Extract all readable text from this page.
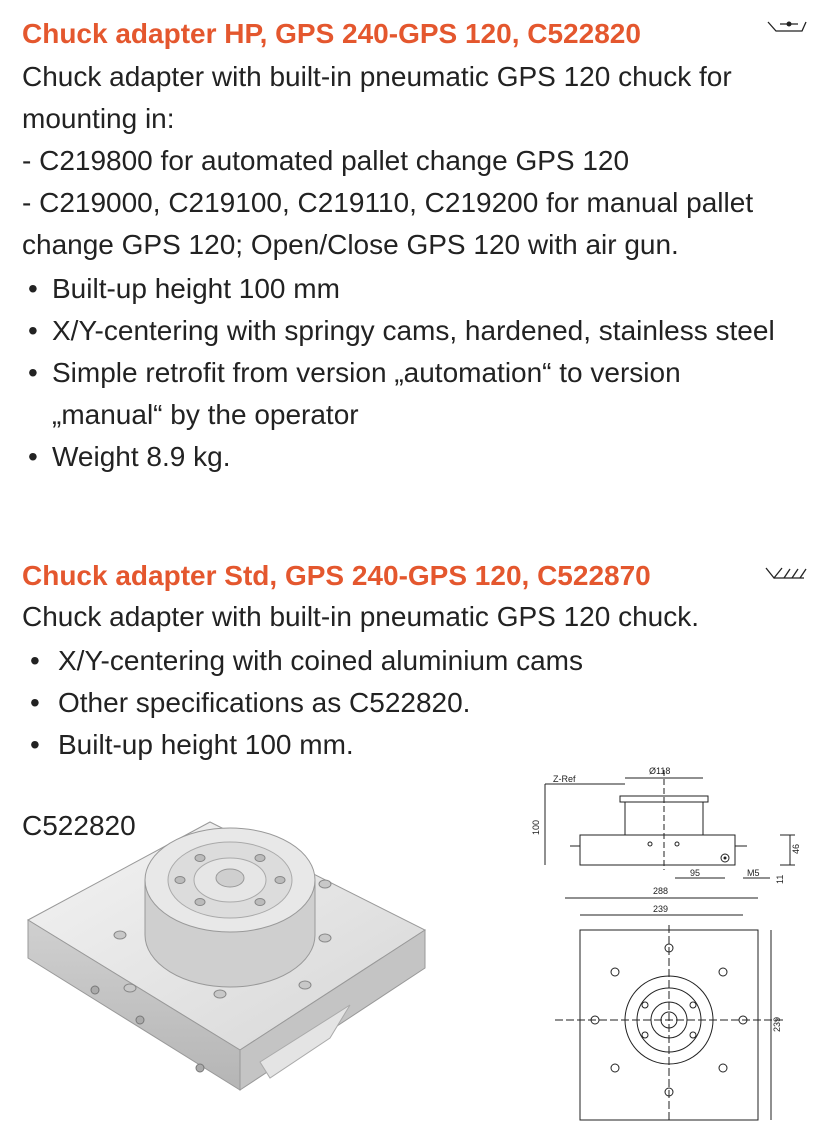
Chuck adapter HP, GPS 240-GPS 120, C522820
Chuck adapter with built-in pneumatic GPS 120 chuck for
mounting in:
- C219800 for automated pallet change GPS 120
- C219000, C219100, C219110, C219200 for manual pallet
change GPS 120; Open/Close GPS 120 with air gun.
• Built-up height 100 mm
• X/Y-centering with springy cams, hardened, stainless steel
• Simple retrofit from version „automation“ to version „manual“ by the operator
• Weight 8.9 kg.
Chuck adapter Std, GPS 240-GPS 120, C522870

Chuck adapter with built-in pneumatic GPS 120 chuck.

• X/Y-centering with coined aluminium cams
• Other specifications as C522820.
• Built-up height 100 mm.

C522820

Z-Ref
Ø118
100
46
11
95	M5
288
239
239
